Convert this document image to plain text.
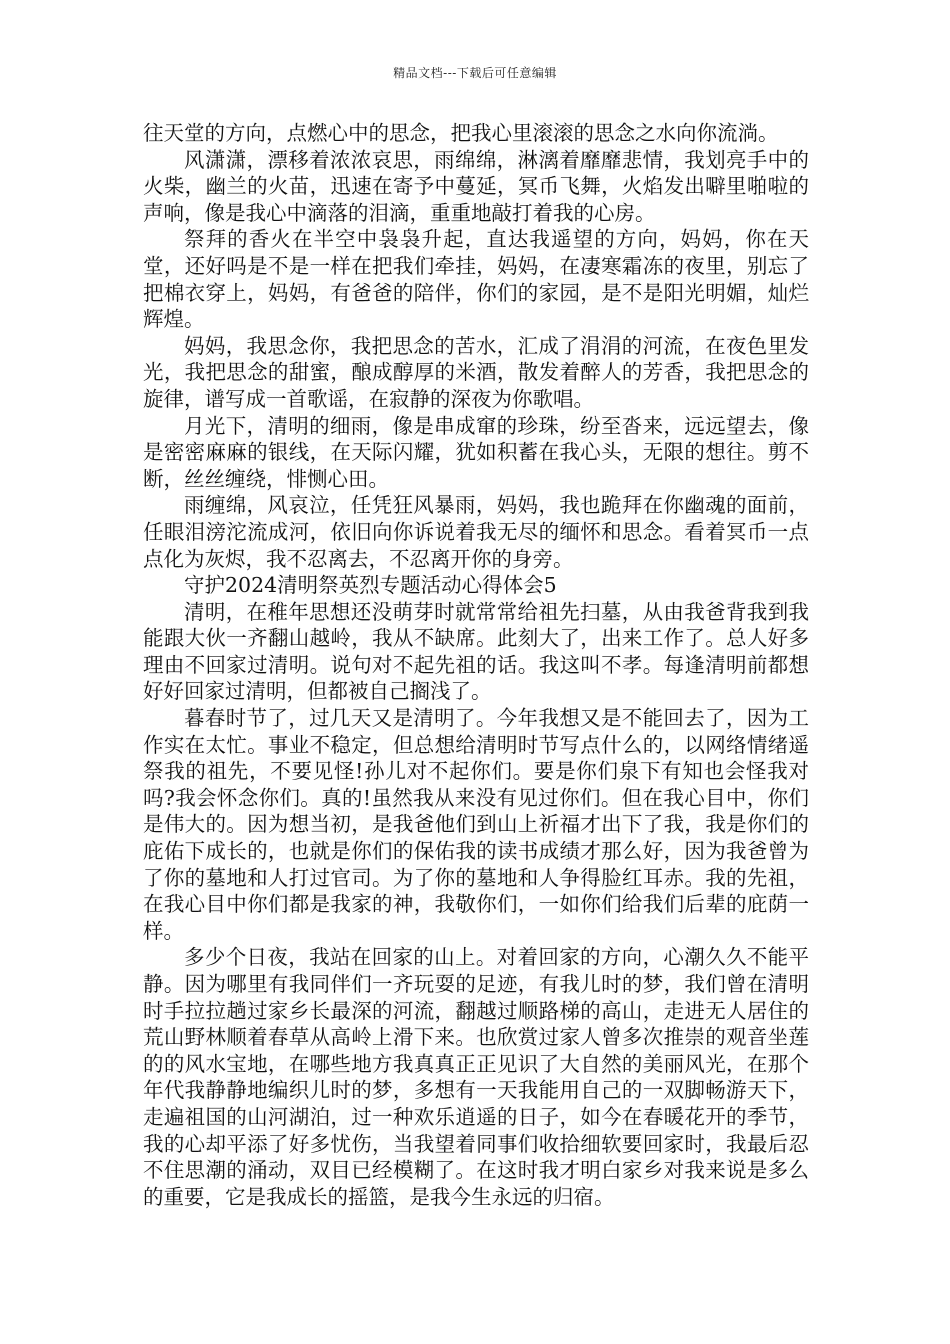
精品文档---下载后可任意编辑

往天堂的方向，点燃心中的思念，把我心里滚滚的思念之水向你流淌。

风潇潇，漂移着浓浓哀思，雨绵绵，淋漓着靡靡悲情，我划亮手中的火柴，幽兰的火苗，迅速在寄予中蔓延，冥币飞舞，火焰发出噼里啪啦的声响，像是我心中滴落的泪滴，重重地敲打着我的心房。

祭拜的香火在半空中袅袅升起，直达我遥望的方向，妈妈，你在天堂，还好吗是不是一样在把我们牵挂，妈妈，在凄寒霜冻的夜里，别忘了把棉衣穿上，妈妈，有爸爸的陪伴，你们的家园，是不是阳光明媚，灿烂辉煌。

妈妈，我思念你，我把思念的苦水，汇成了涓涓的河流，在夜色里发光，我把思念的甜蜜，酿成醇厚的米酒，散发着醉人的芳香，我把思念的旋律，谱写成一首歌谣，在寂静的深夜为你歌唱。

月光下，清明的细雨，像是串成窜的珍珠，纷至沓来，远远望去，像是密密麻麻的银线，在天际闪耀，犹如积蓄在我心头，无限的想往。剪不断，丝丝缠绕，悱恻心田。

雨缠绵，风哀泣，任凭狂风暴雨，妈妈，我也跪拜在你幽魂的面前，任眼泪滂沱流成河，依旧向你诉说着我无尽的缅怀和思念。看着冥币一点点化为灰烬，我不忍离去，不忍离开你的身旁。

守护2024清明祭英烈专题活动心得体会5

清明，在稚年思想还没萌芽时就常常给祖先扫墓，从由我爸背我到我能跟大伙一齐翻山越岭，我从不缺席。此刻大了，出来工作了。总人好多理由不回家过清明。说句对不起先祖的话。我这叫不孝。每逢清明前都想好好回家过清明，但都被自己搁浅了。

暮春时节了，过几天又是清明了。今年我想又是不能回去了，因为工作实在太忙。事业不稳定，但总想给清明时节写点什么的，以网络情绪遥祭我的祖先，不要见怪!孙儿对不起你们。要是你们泉下有知也会怪我对吗?我会怀念你们。真的!虽然我从来没有见过你们。但在我心目中，你们是伟大的。因为想当初，是我爸他们到山上祈福才出下了我，我是你们的庇佑下成长的，也就是你们的保佑我的读书成绩才那么好，因为我爸曾为了你的墓地和人打过官司。为了你的墓地和人争得脸红耳赤。我的先祖，在我心目中你们都是我家的神，我敬你们，一如你们给我们后辈的庇荫一样。

多少个日夜，我站在回家的山上。对着回家的方向，心潮久久不能平静。因为哪里有我同伴们一齐玩耍的足迹，有我儿时的梦，我们曾在清明时手拉拉趟过家乡长最深的河流，翻越过顺路梯的高山，走进无人居住的荒山野林顺着春草从高岭上滑下来。也欣赏过家人曾多次推崇的观音坐莲的的风水宝地，在哪些地方我真真正正见识了大自然的美丽风光，在那个年代我静静地编织儿时的梦，多想有一天我能用自己的一双脚畅游天下，走遍祖国的山河湖泊，过一种欢乐逍遥的日子，如今在春暖花开的季节，我的心却平添了好多忧伤，当我望着同事们收拾细软要回家时，我最后忍不住思潮的涌动，双目已经模糊了。在这时我才明白家乡对我来说是多么的重要，它是我成长的摇篮，是我今生永远的归宿。
